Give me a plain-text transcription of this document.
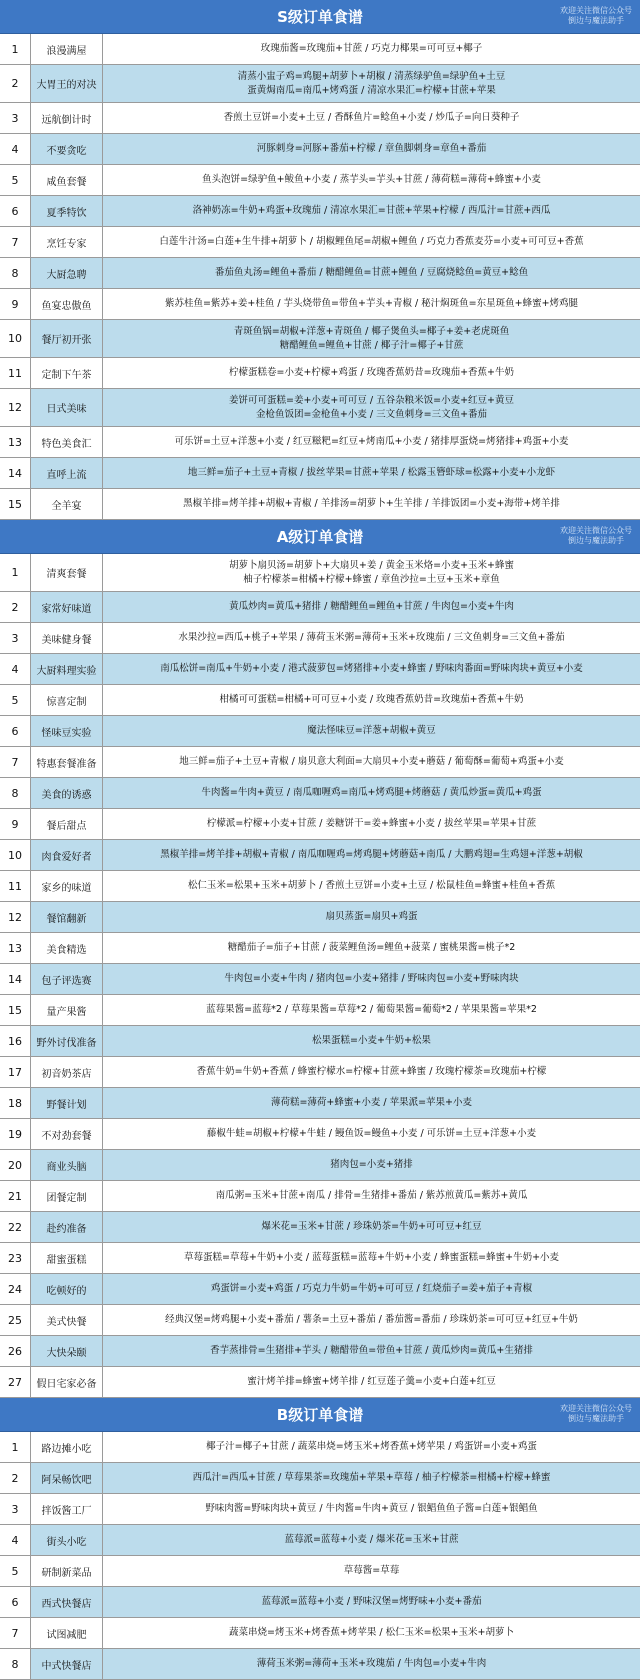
S级订单食谱	欢迎关注微信公众号
倒边与魔法助手
1	浪漫满屋	玫瑰茄酱=玫瑰茄+甘蔗 / 巧克力椰果=可可豆+椰子
2	大胃王的对决
清蒸小盅子鸡=鸡腿+胡萝卜+胡椒 / 清蒸绿驴鱼=绿驴鱼+土豆
蛋黄焗南瓜=南瓜+烤鸡蛋 / 清凉水果汇=柠檬+甘蔗+苹果
3	远航倒计时	香煎土豆饼=小麦+土豆 / 香酥鱼片=鲶鱼+小麦 / 炒瓜子=向日葵种子
4	不要贪吃	河豚刺身=河豚+番茄+柠檬 / 章鱼脚刺身=章鱼+番茄
5	咸鱼套餐	鱼头泡饼=绿驴鱼+鲅鱼+小麦 / 蒸芋头=芋头+甘蔗 / 薄荷糕=薄荷+蜂蜜+小麦
6	夏季特饮	洛神奶冻=牛奶+鸡蛋+玫瑰茄 / 清凉水果汇=甘蔗+苹果+柠檬 / 西瓜汁=甘蔗+西瓜
7	烹饪专家	白莲牛汁汤=白莲+生牛排+胡萝卜 / 胡椒鲤鱼尾=胡椒+鲤鱼 / 巧克力香蕉麦芬=小麦+可可豆+香蕉
8	大厨急聘	番茄鱼丸汤=鲤鱼+番茄 / 糖醋鲤鱼=甘蔗+鲤鱼 / 豆腐烧鲶鱼=黄豆+鲶鱼
9	鱼宴忠傲鱼	紫苏桂鱼=紫苏+姜+桂鱼 / 芋头烧带鱼=带鱼+芋头+青椒 / 秘汁焖斑鱼=东星斑鱼+蜂蜜+烤鸡腿
10	餐厅初开张
青斑鱼锅=胡椒+洋葱+青斑鱼 / 椰子煲鱼头=椰子+姜+老虎斑鱼
糖醋鲤鱼=鲤鱼+甘蔗 / 椰子汁=椰子+甘蔗
11	定制下午茶	柠檬蛋糕卷=小麦+柠檬+鸡蛋 / 玫瑰香蕉奶昔=玫瑰茄+香蕉+牛奶
12	日式美味
姜饼可可蛋糕=姜+小麦+可可豆 / 五谷杂粮米饭=小麦+红豆+黄豆
金枪鱼饭团=金枪鱼+小麦 / 三文鱼刺身=三文鱼+番茄
13	特色美食汇	可乐饼=土豆+洋葱+小麦 / 红豆糍粑=红豆+烤南瓜+小麦 / 猪排厚蛋烧=烤猪排+鸡蛋+小麦
14	直呼上流	地三鲜=茄子+土豆+青椒 / 拔丝苹果=甘蔗+苹果 / 松露玉簪虾球=松露+小麦+小龙虾
15	全羊宴	黑椒羊排=烤羊排+胡椒+青椒 / 羊排汤=胡萝卜+生羊排 / 羊排饭团=小麦+海带+烤羊排
A级订单食谱	欢迎关注微信公众号
倒边与魔法助手
1	清爽套餐
胡萝卜扇贝汤=胡萝卜+大扇贝+姜 / 黄金玉米烙=小麦+玉米+蜂蜜
柚子柠檬茶=柑橘+柠檬+蜂蜜 / 章鱼沙拉=土豆+玉米+章鱼
2	家常好味道	黄瓜炒肉=黄瓜+猪排 / 糖醋鲤鱼=鲤鱼+甘蔗 / 牛肉包=小麦+牛肉
3	美味健身餐	水果沙拉=西瓜+桃子+苹果 / 薄荷玉米粥=薄荷+玉米+玫瑰茄 / 三文鱼刺身=三文鱼+番茄
4	大厨料理实验	南瓜松饼=南瓜+牛奶+小麦 / 港式菠萝包=烤猪排+小麦+蜂蜜 / 野味肉番面=野味肉块+黄豆+小麦
5	惊喜定制	柑橘可可蛋糕=柑橘+可可豆+小麦 / 玫瑰香蕉奶昔=玫瑰茄+香蕉+牛奶
6	怪味豆实验	魔法怪味豆=洋葱+胡椒+黄豆
7	特惠套餐准备	地三鲜=茄子+土豆+青椒 / 扇贝意大利面=大扇贝+小麦+蘑菇 / 葡萄酥=葡萄+鸡蛋+小麦
8	美食的诱惑	牛肉酱=牛肉+黄豆 / 南瓜咖喱鸡=南瓜+烤鸡腿+烤蘑菇 / 黄瓜炒蛋=黄瓜+鸡蛋
9	餐后甜点	柠檬派=柠檬+小麦+甘蔗 / 姜糖饼干=姜+蜂蜜+小麦 / 拔丝苹果=苹果+甘蔗
10	肉食爱好者	黑椒羊排=烤羊排+胡椒+青椒 / 南瓜咖喱鸡=烤鸡腿+烤蘑菇+南瓜 / 大鹏鸡翅=生鸡翅+洋葱+胡椒
11	家乡的味道	松仁玉米=松果+玉米+胡萝卜 / 香煎土豆饼=小麦+土豆 / 松鼠桂鱼=蜂蜜+桂鱼+香蕉
12	餐馆翻新	扇贝蒸蛋=扇贝+鸡蛋
13	美食精选	糖醋茄子=茄子+甘蔗 / 菠菜鲤鱼汤=鲤鱼+菠菜 / 蜜桃果酱=桃子*2
14	包子评选赛	牛肉包=小麦+牛肉 / 猪肉包=小麦+猪排 / 野味肉包=小麦+野味肉块
15	量产果酱	蓝莓果酱=蓝莓*2 / 草莓果酱=草莓*2 / 葡萄果酱=葡萄*2 / 苹果果酱=苹果*2
16	野外讨伐准备	松果蛋糕=小麦+牛奶+松果
17	初音奶茶店	香蕉牛奶=牛奶+香蕉 / 蜂蜜柠檬水=柠檬+甘蔗+蜂蜜 / 玫瑰柠檬茶=玫瑰茄+柠檬
18	野餐计划	薄荷糕=薄荷+蜂蜜+小麦 / 苹果派=苹果+小麦
19	不对劲套餐	藤椒牛蛙=胡椒+柠檬+牛蛙 / 鳗鱼饭=鳗鱼+小麦 / 可乐饼=土豆+洋葱+小麦
20	商业头脑	猪肉包=小麦+猪排
21	团餐定制	南瓜粥=玉米+甘蔗+南瓜 / 排骨=生猪排+番茄 / 紫苏煎黄瓜=紫苏+黄瓜
22	赴约准备	爆米花=玉米+甘蔗 / 珍珠奶茶=牛奶+可可豆+红豆
23	甜蜜蛋糕	草莓蛋糕=草莓+牛奶+小麦 / 蓝莓蛋糕=蓝莓+牛奶+小麦 / 蜂蜜蛋糕=蜂蜜+牛奶+小麦
24	吃顿好的	鸡蛋饼=小麦+鸡蛋 / 巧克力牛奶=牛奶+可可豆 / 红烧茄子=姜+茄子+青椒
25	美式快餐	经典汉堡=烤鸡腿+小麦+番茄 / 薯条=土豆+番茄 / 番茄酱=番茄 / 珍珠奶茶=可可豆+红豆+牛奶
26	大快朵颐	香芋蒸排骨=生猪排+芋头 / 糖醋带鱼=带鱼+甘蔗 / 黄瓜炒肉=黄瓜+生猪排
27	假日宅家必备	蜜汁烤羊排=蜂蜜+烤羊排 / 红豆莲子羹=小麦+白莲+红豆
B级订单食谱	欢迎关注微信公众号
倒边与魔法助手
1	路边摊小吃	椰子汁=椰子+甘蔗 / 蔬菜串烧=烤玉米+烤香蕉+烤苹果 / 鸡蛋饼=小麦+鸡蛋
2	阿呆畅饮吧	西瓜汁=西瓜+甘蔗 / 草莓果茶=玫瑰茄+苹果+草莓 / 柚子柠檬茶=柑橘+柠檬+蜂蜜
3	拌饭酱工厂	野味肉酱=野味肉块+黄豆 / 牛肉酱=牛肉+黄豆 / 银鲳鱼鱼子酱=白莲+银鲳鱼
4	街头小吃	蓝莓派=蓝莓+小麦 / 爆米花=玉米+甘蔗
5	研制新菜品	草莓酱=草莓
6	西式快餐店	蓝莓派=蓝莓+小麦 / 野味汉堡=烤野味+小麦+番茄
7	试图减肥	蔬菜串烧=烤玉米+烤香蕉+烤苹果 / 松仁玉米=松果+玉米+胡萝卜
8	中式快餐店	薄荷玉米粥=薄荷+玉米+玫瑰茄 / 牛肉包=小麦+牛肉
